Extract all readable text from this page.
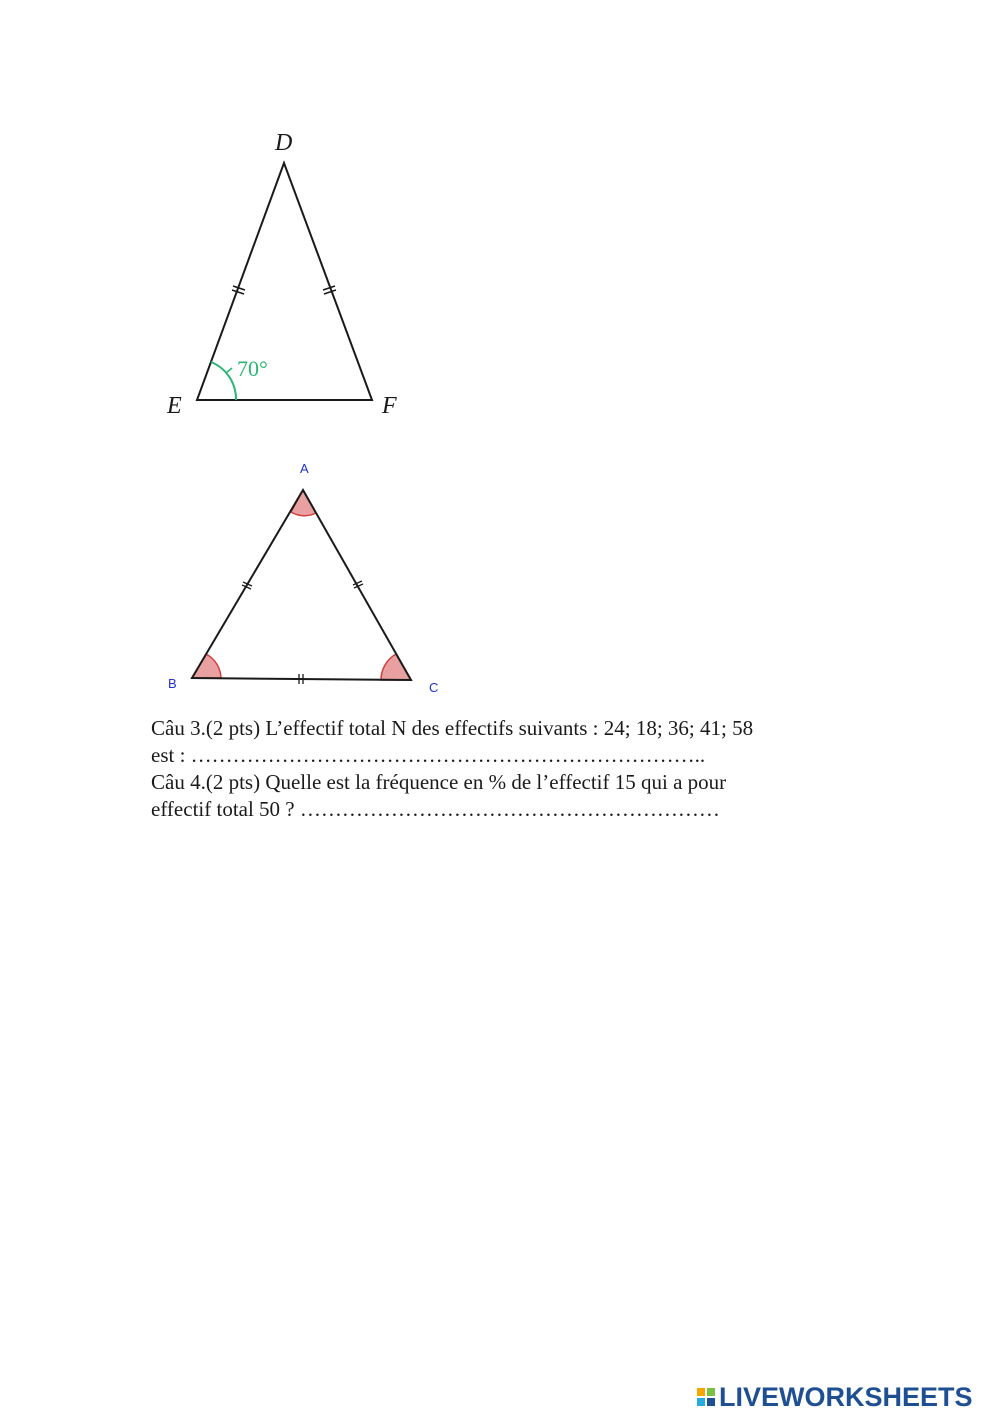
70°
D
E	F
A
B	C
Câu 3.(2 pts) L’effectif total N des effectifs suivants : 24; 18; 36; 41; 58
est : ………………………………………………………………..
Câu 4.(2 pts) Quelle est la fréquence en % de l’effectif 15 qui a pour
effectif total 50 ? ……………………………………………………
LIVEWORKSHEETS
